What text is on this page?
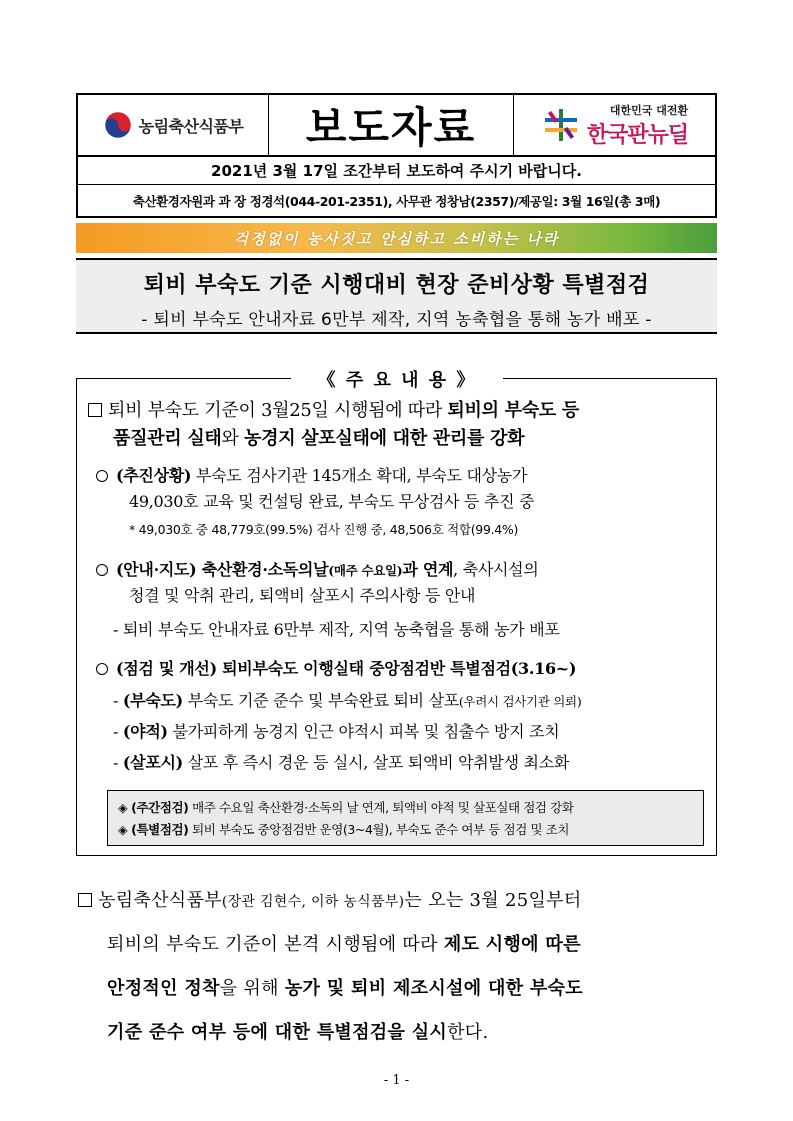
농림축산식품부	보도자료	대한민국 대전환
한국판뉴딜
2021년 3월 17일 조간부터 보도하여 주시기 바랍니다.
축산환경자원과 과 장 정경석(044-201-2351), 사무관 정창남(2357)/제공일: 3월 16일(총 3매)
걱정없이 농사짓고 안심하고 소비하는 나라
퇴비 부숙도 기준 시행대비 현장 준비상황 특별점검
- 퇴비 부숙도 안내자료 6만부 제작, 지역 농축협을 통해 농가 배포 -
《 주 요 내 용 》
퇴비 부숙도 기준이 3월25일 시행됨에 따라 퇴비의 부숙도 등
품질관리 실태와 농경지 살포실태에 대한 관리를 강화
(추진상황) 부숙도 검사기관 145개소 확대, 부숙도 대상농가
49,030호 교육 및 컨설팅 완료, 부숙도 무상검사 등 추진 중
* 49,030호 중 48,779호(99.5%) 검사 진행 중, 48,506호 적합(99.4%)
(안내·지도) 축산환경·소독의날(매주 수요일)과 연계, 축사시설의
청결 및 악취 관리, 퇴액비 살포시 주의사항 등 안내
- 퇴비 부숙도 안내자료 6만부 제작, 지역 농축협을 통해 농가 배포
(점검 및 개선) 퇴비부숙도 이행실태 중앙점검반 특별점검(3.16~)
- (부숙도) 부숙도 기준 준수 및 부숙완료 퇴비 살포(우려시 검사기관 의뢰)
- (야적) 불가피하게 농경지 인근 야적시 피복 및 침출수 방지 조치
- (살포시) 살포 후 즉시 경운 등 실시, 살포 퇴액비 악취발생 최소화
◈ (주간점검) 매주 수요일 축산환경·소독의 날 연계, 퇴액비 야적 및 살포실태 점검 강화
◈ (특별점검) 퇴비 부숙도 중앙점검반 운영(3~4월), 부숙도 준수 여부 등 점검 및 조치
농림축산식품부(장관 김현수, 이하 농식품부)는 오는 3월 25일부터
퇴비의 부숙도 기준이 본격 시행됨에 따라 제도 시행에 따른
안정적인 정착을 위해 농가 및 퇴비 제조시설에 대한 부숙도
기준 준수 여부 등에 대한 특별점검을 실시한다.
- 1 -
